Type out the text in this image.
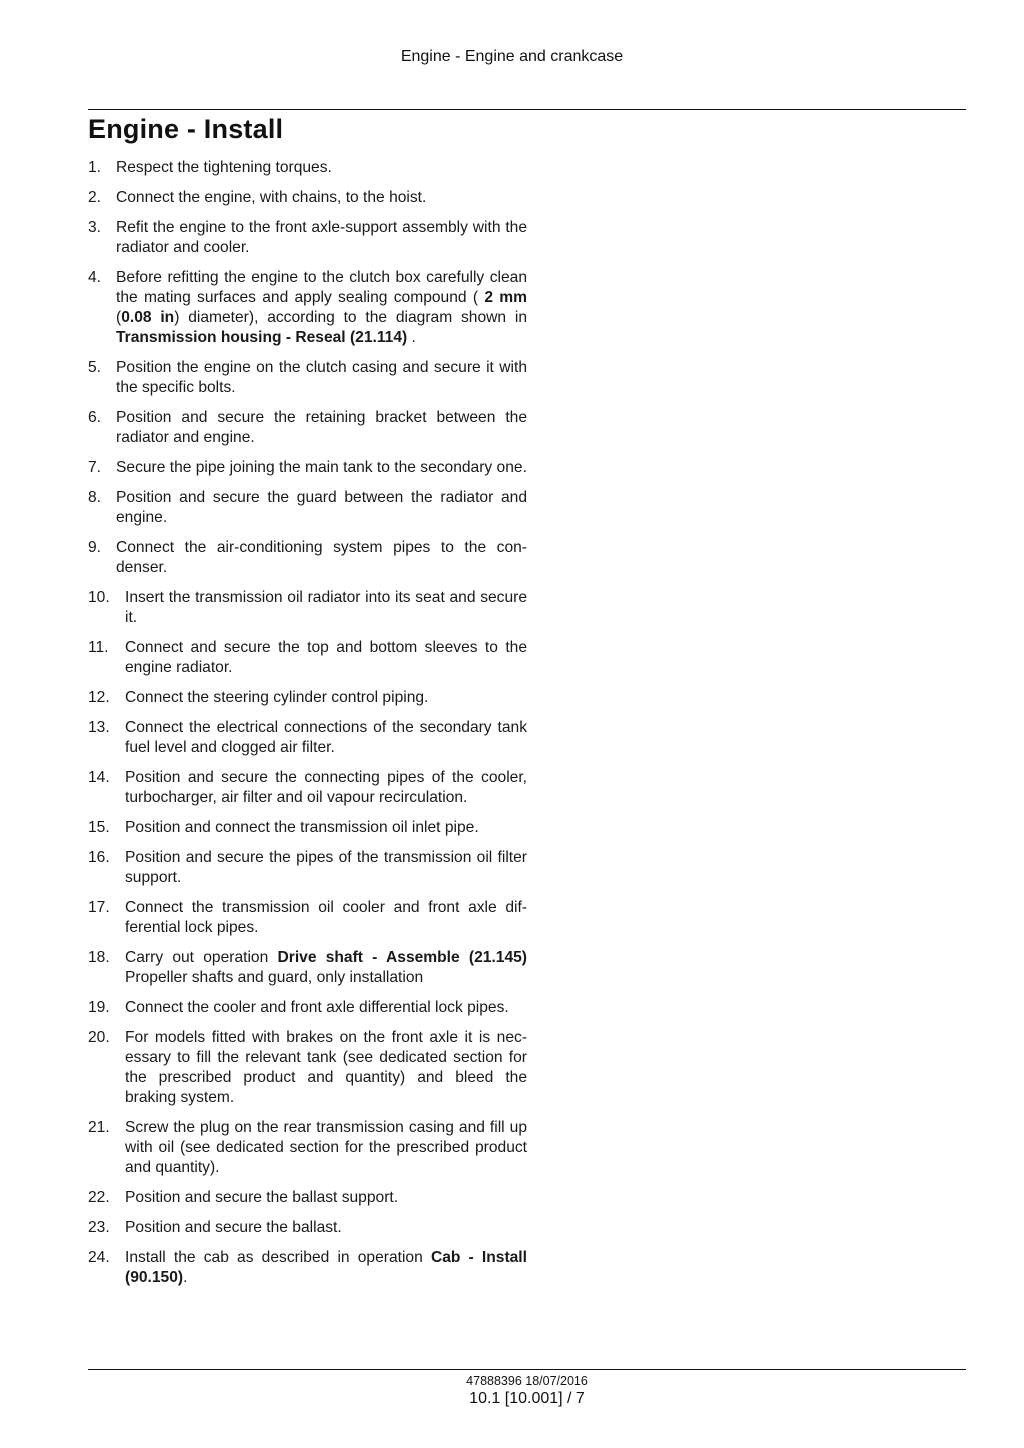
Engine - Engine and crankcase
Engine - Install
1. Respect the tightening torques.
2. Connect the engine, with chains, to the hoist.
3. Refit the engine to the front axle-support assembly with the radiator and cooler.
4. Before refitting the engine to the clutch box carefully clean the mating surfaces and apply sealing compound ( 2 mm (0.08 in) diameter), according to the diagram shown in Transmission housing - Reseal (21.114) .
5. Position the engine on the clutch casing and secure it with the specific bolts.
6. Position and secure the retaining bracket between the radiator and engine.
7. Secure the pipe joining the main tank to the secondary one.
8. Position and secure the guard between the radiator and engine.
9. Connect the air-conditioning system pipes to the condenser.
10. Insert the transmission oil radiator into its seat and secure it.
11.	Connect and secure the top and bottom sleeves to the engine radiator.
12. Connect the steering cylinder control piping.
13. Connect the electrical connections of the secondary tank fuel level and clogged air filter.
14. Position and secure the connecting pipes of the cooler, turbocharger, air filter and oil vapour recirculation.
15. Position and connect the transmission oil inlet pipe.
16. Position and secure the pipes of the transmission oil filter support.
17. Connect the transmission oil cooler and front axle differential lock pipes.
18. Carry out operation Drive shaft - Assemble (21.145) Propeller shafts and guard, only installation
19. Connect the cooler and front axle differential lock pipes.
20. For models fitted with brakes on the front axle it is necessary to fill the relevant tank (see dedicated section for the prescribed product and quantity) and bleed the braking system.
21. Screw the plug on the rear transmission casing and fill up with oil (see dedicated section for the prescribed product and quantity).
22. Position and secure the ballast support.
23. Position and secure the ballast.
24. Install the cab as described in operation Cab - Install (90.150).
47888396 18/07/2016
10.1 [10.001] / 7
